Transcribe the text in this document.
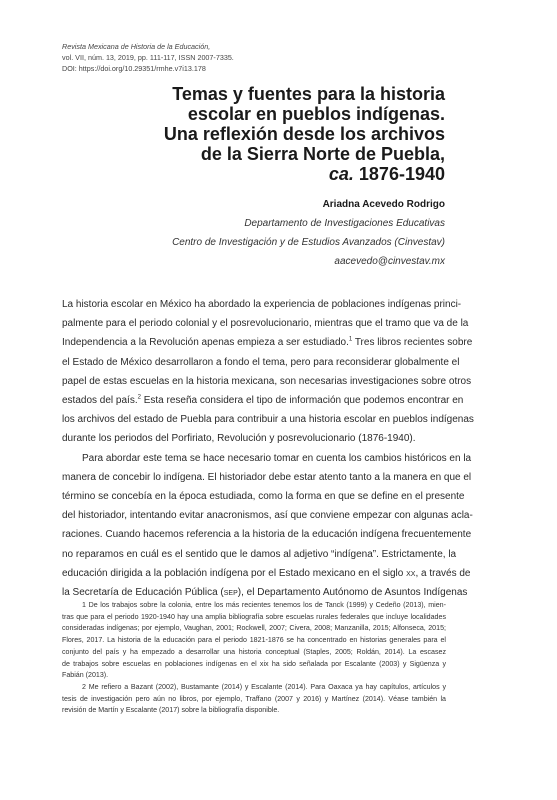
Revista Mexicana de Historia de la Educación,
vol. VII, núm. 13, 2019, pp. 111-117, ISSN 2007-7335.
DOI: https://doi.org/10.29351/rmhe.v7i13.178
Temas y fuentes para la historia
escolar en pueblos indígenas.
Una reflexión desde los archivos
de la Sierra Norte de Puebla,
ca. 1876-1940
Ariadna Acevedo Rodrigo
Departamento de Investigaciones Educativas
Centro de Investigación y de Estudios Avanzados (Cinvestav)
aacevedo@cinvestav.mx

La historia escolar en México ha abordado la experiencia de poblaciones indígenas princi-
palmente para el periodo colonial y el posrevolucionario, mientras que el tramo que va de la
Independencia a la Revolución apenas empieza a ser estudiado.$^1$ Tres libros recientes sobre
el Estado de México desarrollaron a fondo el tema, pero para reconsiderar globalmente el
papel de estas escuelas en la historia mexicana, son necesarias investigaciones sobre otros
estados del país.$^2$ Esta reseña considera el tipo de información que podemos encontrar en
los archivos del estado de Puebla para contribuir a una historia escolar en pueblos indígenas
durante los periodos del Porfiriato, Revolución y posrevolucionario (1876-1940).

Para abordar este tema se hace necesario tomar en cuenta los cambios históricos en la
manera de concebir lo indígena. El historiador debe estar atento tanto a la manera en que el
término se concebía en la época estudiada, como la forma en que se define en el presente
del historiador, intentando evitar anacronismos, así que conviene empezar con algunas acla-
raciones. Cuando hacemos referencia a la historia de la educación indígena frecuentemente
no reparamos en cuál es el sentido que le damos al adjetivo “indígena”. Estrictamente, la
educación dirigida a la población indígena por el Estado mexicano en el siglo xx, a través de
la Secretaría de Educación Pública (sep), el Departamento Autónomo de Asuntos Indígenas

1 De los trabajos sobre la colonia, entre los más recientes tenemos los de Tanck (1999) y Cedeño (2013), mien-
tras que para el periodo 1920-1940 hay una amplia bibliografía sobre escuelas rurales federales que incluye localidades
consideradas indígenas; por ejemplo, Vaughan, 2001; Rockwell, 2007; Civera, 2008; Manzanilla, 2015; Alfonseca, 2015;
Flores, 2017. La historia de la educación para el periodo 1821-1876 se ha concentrado en historias generales para el
conjunto del país y ha empezado a desarrollar una historia conceptual (Staples, 2005; Roldán, 2014). La escasez
de trabajos sobre escuelas en poblaciones indígenas en el xix ha sido señalada por Escalante (2003) y Sigüenza y
Fabián (2013).
2 Me refiero a Bazant (2002), Bustamante (2014) y Escalante (2014). Para Oaxaca ya hay capítulos, artículos y
tesis de investigación pero aún no libros, por ejemplo, Traffano (2007 y 2016) y Martínez (2014). Véase también la
revisión de Martín y Escalante (2017) sobre la bibliografía disponible.
